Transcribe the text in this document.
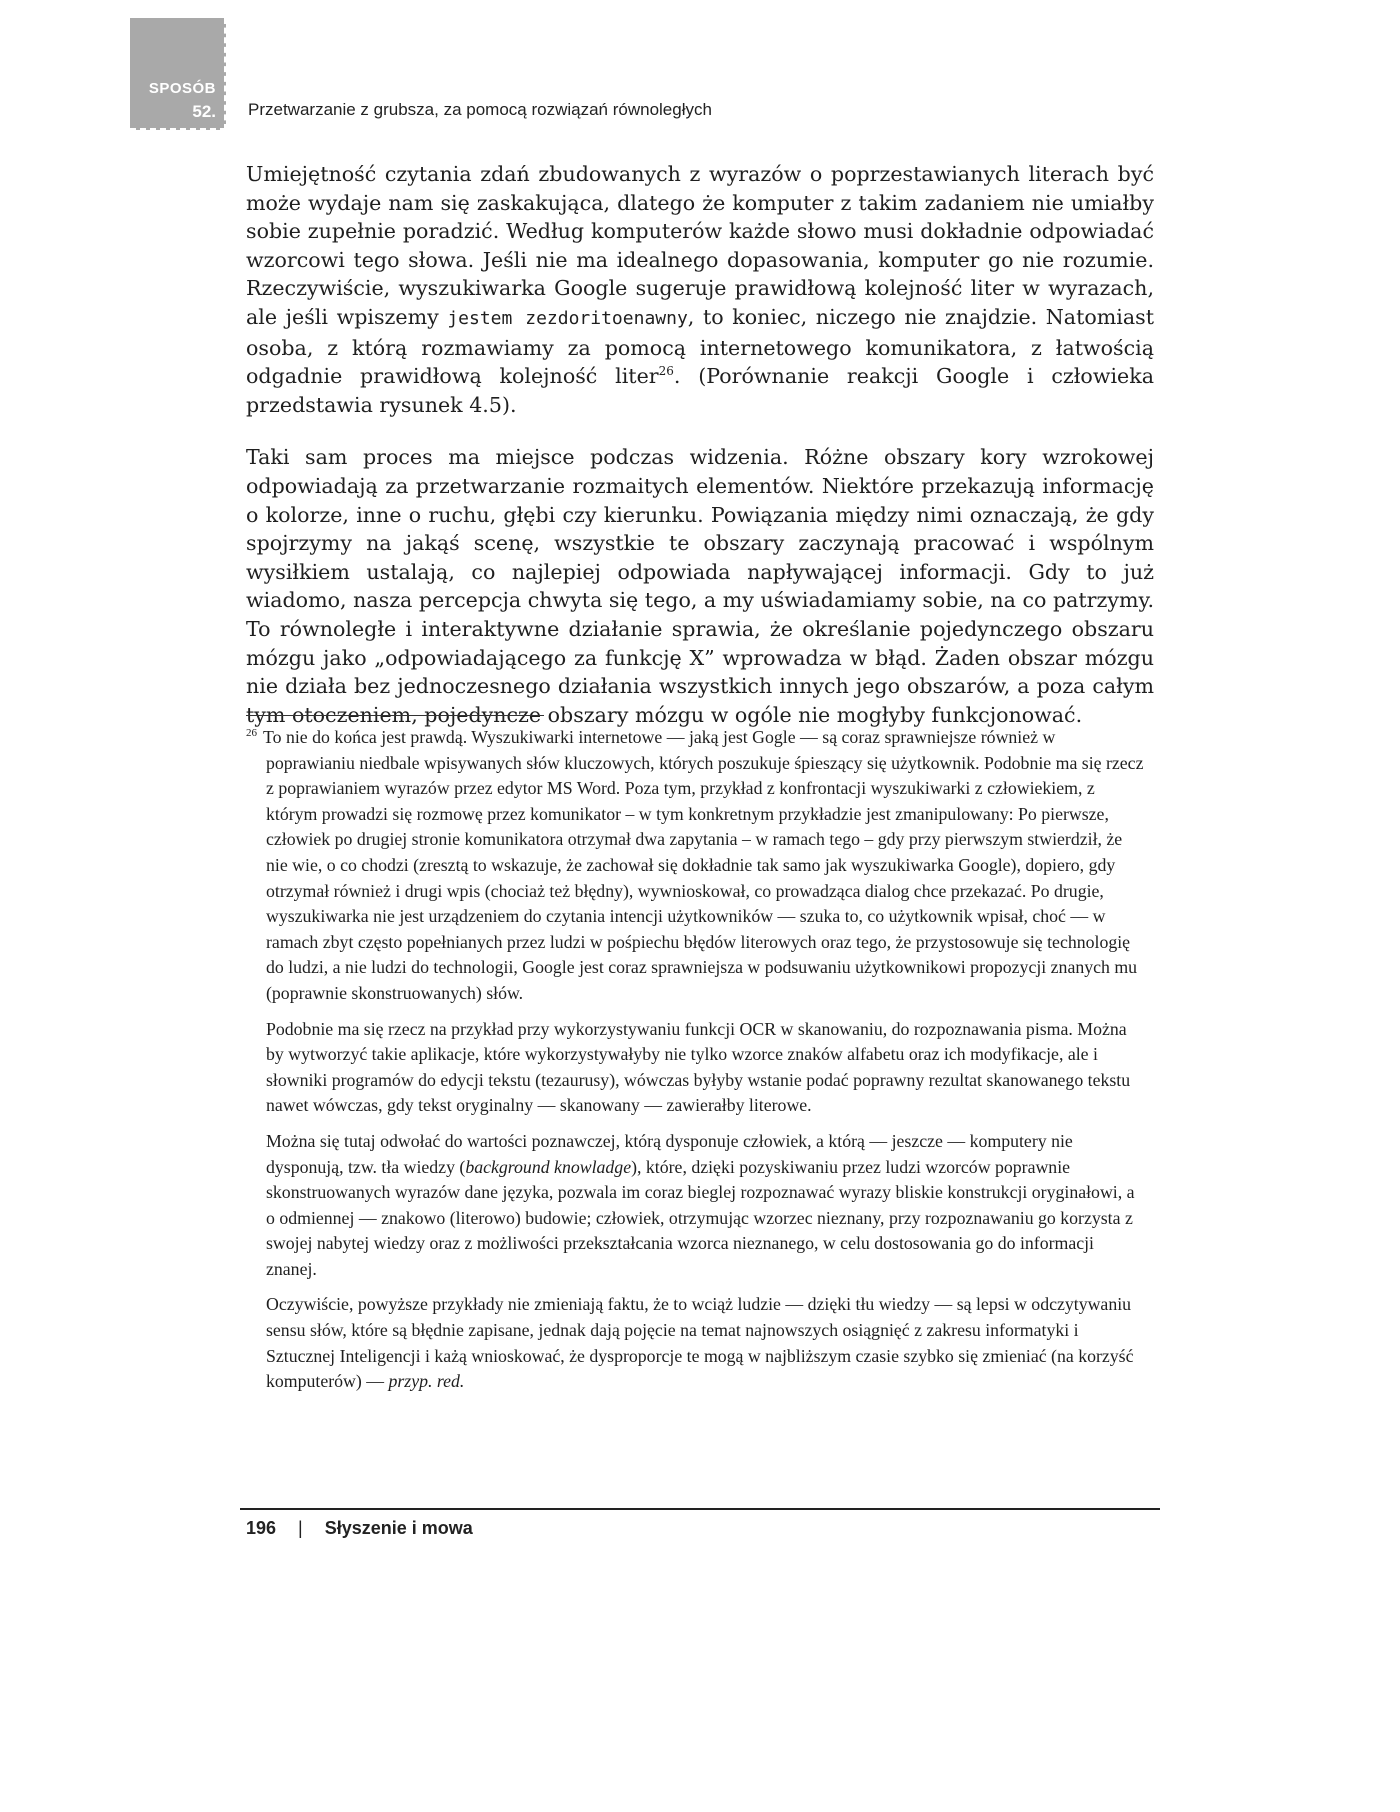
SPOSÓB
52. Przetwarzanie z grubsza, za pomocą rozwiązań równoległych

Umiejętność czytania zdań zbudowanych z wyrazów o poprzestawianych literach być może wydaje nam się zaskakująca, dlatego że komputer z takim zadaniem nie umiałby sobie zupełnie poradzić. Według komputerów każde słowo musi dokładnie odpowiadać wzorcowi tego słowa. Jeśli nie ma idealnego dopasowania, komputer go nie rozumie. Rzeczywiście, wyszukiwarka Google sugeruje prawidłową kolejność liter w wyrazach, ale jeśli wpiszemy jestem zezdoritoenawny, to koniec, niczego nie znajdzie. Natomiast osoba, z którą rozmawiamy za pomocą internetowego komunikatora, z łatwością odgadnie prawidłową kolejność liter$^{26}$. (Porównanie reakcji Google i człowieka przedstawia rysunek 4.5).

Taki sam proces ma miejsce podczas widzenia. Różne obszary kory wzrokowej odpowiadają za przetwarzanie rozmaitych elementów. Niektóre przekazują informację o kolorze, inne o ruchu, głębi czy kierunku. Powiązania między nimi oznaczają, że gdy spojrzymy na jakąś scenę, wszystkie te obszary zaczynają pracować i wspólnym wysiłkiem ustalają, co najlepiej odpowiada napływającej informacji. Gdy to już wiadomo, nasza percepcja chwyta się tego, a my uświadamiamy sobie, na co patrzymy. To równoległe i interaktywne działanie sprawia, że określanie pojedynczego obszaru mózgu jako „odpowiadającego za funkcję X” wprowadza w błąd. Żaden obszar mózgu nie działa bez jednoczesnego działania wszystkich innych jego obszarów, a poza całym tym otoczeniem, pojedyncze obszary mózgu w ogóle nie mogłyby funkcjonować.

$^{26}$ To nie do końca jest prawdą. Wyszukiwarki internetowe — jaką jest Gogle — są coraz sprawniejsze również w poprawianiu niedbale wpisywanych słów kluczowych, których poszukuje śpieszący się użytkownik. Podobnie ma się rzecz z poprawianiem wyrazów przez edytor MS Word. Poza tym, przykład z konfrontacji wyszukiwarki z człowiekiem, z którym prowadzi się rozmowę przez komunikator – w tym konkretnym przykładzie jest zmanipulowany: Po pierwsze, człowiek po drugiej stronie komunikatora otrzymał dwa zapytania – w ramach tego – gdy przy pierwszym stwierdził, że nie wie, o co chodzi (zresztą to wskazuje, że zachował się dokładnie tak samo jak wyszukiwarka Google), dopiero, gdy otrzymał również i drugi wpis (chociaż też błędny), wywnioskował, co prowadząca dialog chce przekazać. Po drugie, wyszukiwarka nie jest urządzeniem do czytania intencji użytkowników — szuka to, co użytkownik wpisał, choć — w ramach zbyt często popełnianych przez ludzi w pośpiechu błędów literowych oraz tego, że przystosowuje się technologię do ludzi, a nie ludzi do technologii, Google jest coraz sprawniejsza w podsuwaniu użytkownikowi propozycji znanych mu (poprawnie skonstruowanych) słów.

Podobnie ma się rzecz na przykład przy wykorzystywaniu funkcji OCR w skanowaniu, do rozpoznawania pisma. Można by wytworzyć takie aplikacje, które wykorzystywałyby nie tylko wzorce znaków alfabetu oraz ich modyfikacje, ale i słowniki programów do edycji tekstu (tezaurusy), wówczas byłyby wstanie podać poprawny rezultat skanowanego tekstu nawet wówczas, gdy tekst oryginalny — skanowany — zawierałby literowe.

Można się tutaj odwołać do wartości poznawczej, którą dysponuje człowiek, a którą — jeszcze — komputery nie dysponują, tzw. tła wiedzy (background knowladge), które, dzięki pozyskiwaniu przez ludzi wzorców poprawnie skonstruowanych wyrazów dane języka, pozwala im coraz bieglej rozpoznawać wyrazy bliskie konstrukcji oryginałowi, a o odmiennej — znakowo (literowo) budowie; człowiek, otrzymując wzorzec nieznany, przy rozpoznawaniu go korzysta z swojej nabytej wiedzy oraz z możliwości przekształcania wzorca nieznanego, w celu dostosowania go do informacji znanej.

Oczywiście, powyższe przykłady nie zmieniają faktu, że to wciąż ludzie — dzięki tłu wiedzy — są lepsi w odczytywaniu sensu słów, które są błędnie zapisane, jednak dają pojęcie na temat najnowszych osiągnięć z zakresu informatyki i Sztucznej Inteligencji i każą wnioskować, że dysproporcje te mogą w najbliższym czasie szybko się zmieniać (na korzyść komputerów) — przyp. red.

196 | Słyszenie i mowa
